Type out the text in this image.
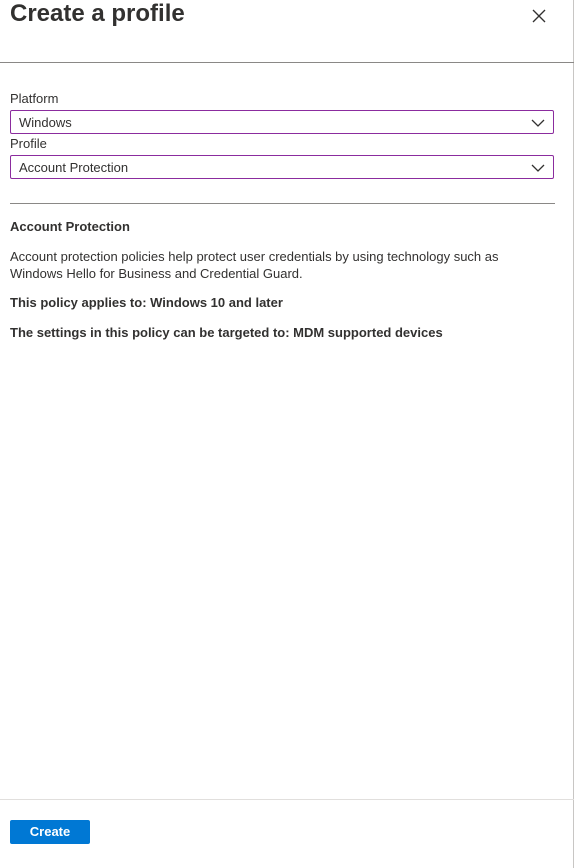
Create a profile
Platform
Windows
Profile
Account Protection
Account Protection
Account protection policies help protect user credentials by using technology such as Windows Hello for Business and Credential Guard.
This policy applies to: Windows 10 and later
The settings in this policy can be targeted to: MDM supported devices
Create
